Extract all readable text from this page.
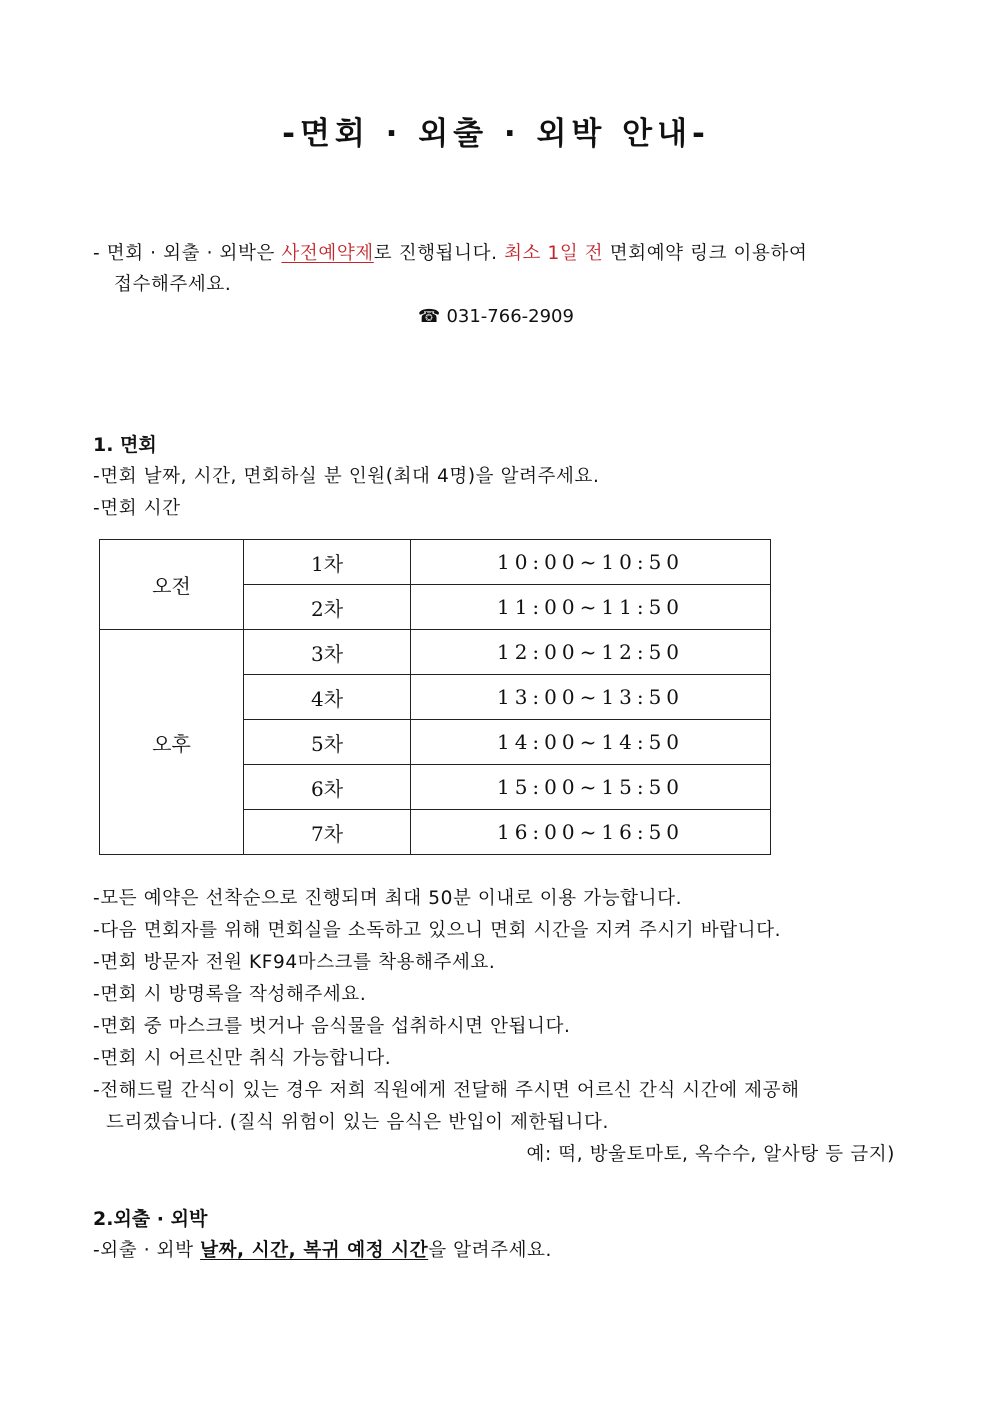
-면회 · 외출 · 외박 안내-
- 면회 · 외출 · 외박은 사전예약제로 진행됩니다. 최소 1일 전 면회예약 링크 이용하여
접수해주세요.
☎ 031-766-2909
1. 면회
-면회 날짜, 시간, 면회하실 분 인원(최대 4명)을 알려주세요.
-면회 시간
오전	1차	10:00~10:50
	2차	11:00~11:50
오후	3차	12:00~12:50
	4차	13:00~13:50
	5차	14:00~14:50
	6차	15:00~15:50
	7차	16:00~16:50
-모든 예약은 선착순으로 진행되며 최대 50분 이내로 이용 가능합니다.
-다음 면회자를 위해 면회실을 소독하고 있으니 면회 시간을 지켜 주시기 바랍니다.
-면회 방문자 전원 KF94마스크를 착용해주세요.
-면회 시 방명록을 작성해주세요.
-면회 중 마스크를 벗거나 음식물을 섭취하시면 안됩니다.
-면회 시 어르신만 취식 가능합니다.
-전해드릴 간식이 있는 경우 저희 직원에게 전달해 주시면 어르신 간식 시간에 제공해
드리겠습니다. (질식 위험이 있는 음식은 반입이 제한됩니다.
예: 떡, 방울토마토, 옥수수, 알사탕 등 금지)
2.외출 · 외박
-외출 · 외박 날짜, 시간, 복귀 예정 시간을 알려주세요.
